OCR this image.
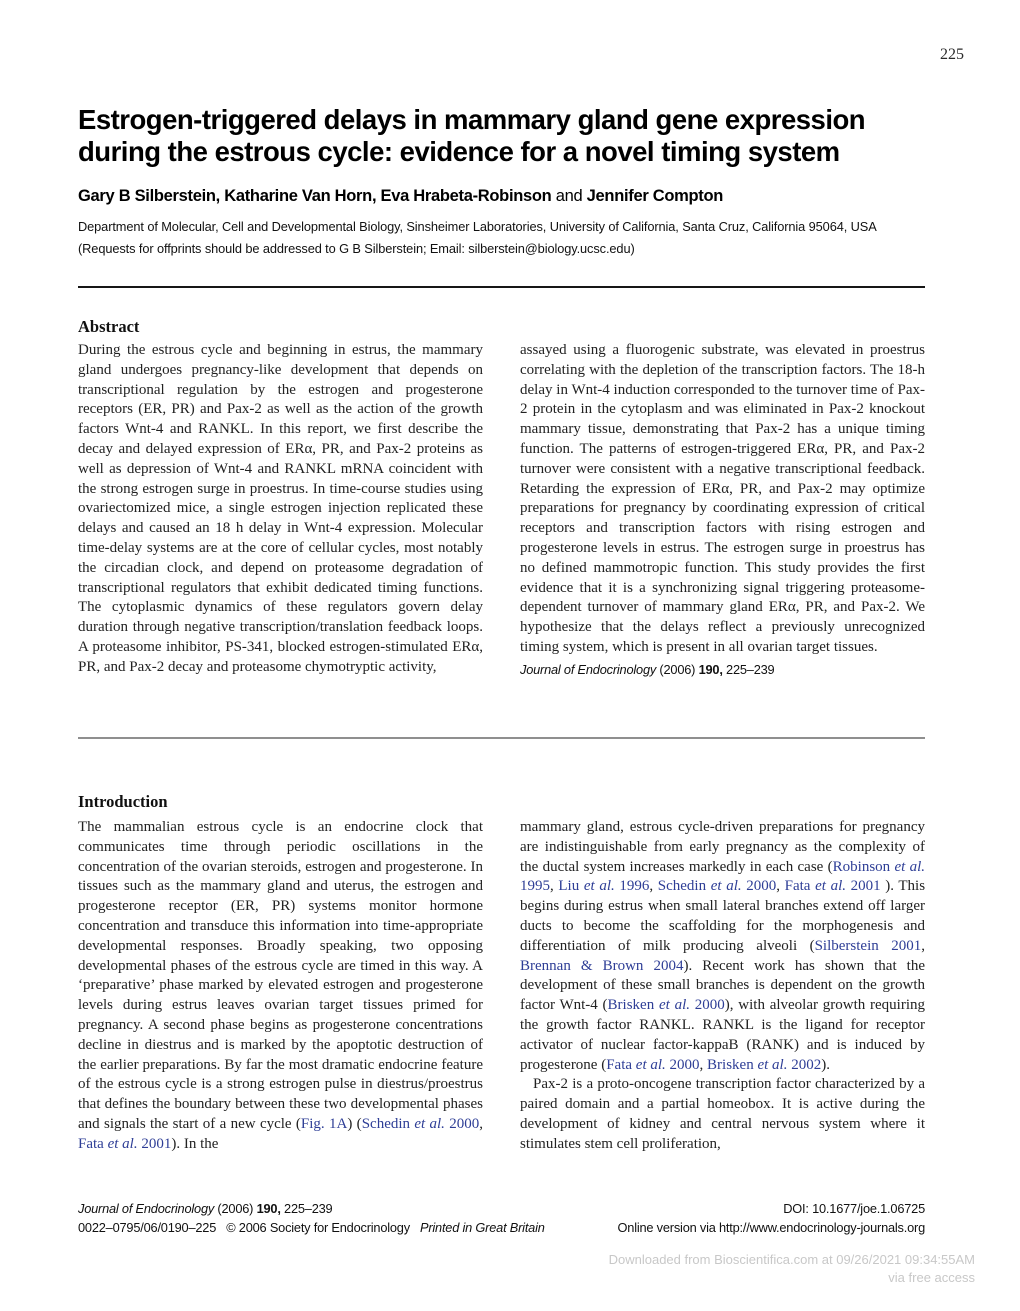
225
Estrogen-triggered delays in mammary gland gene expression during the estrous cycle: evidence for a novel timing system
Gary B Silberstein, Katharine Van Horn, Eva Hrabeta-Robinson and Jennifer Compton
Department of Molecular, Cell and Developmental Biology, Sinsheimer Laboratories, University of California, Santa Cruz, California 95064, USA
(Requests for offprints should be addressed to G B Silberstein; Email: silberstein@biology.ucsc.edu)
Abstract

During the estrous cycle and beginning in estrus, the mammary gland undergoes pregnancy-like development that depends on transcriptional regulation by the estrogen and progesterone receptors (ER, PR) and Pax-2 as well as the action of the growth factors Wnt-4 and RANKL. In this report, we first describe the decay and delayed expression of ERα, PR, and Pax-2 proteins as well as depression of Wnt-4 and RANKL mRNA coincident with the strong estrogen surge in proestrus. In time-course studies using ovariectomized mice, a single estrogen injection replicated these delays and caused an 18 h delay in Wnt-4 expression. Molecular time-delay systems are at the core of cellular cycles, most notably the circadian clock, and depend on proteasome degradation of transcriptional regulators that exhibit dedicated timing functions. The cytoplasmic dynamics of these regulators govern delay duration through negative transcription/translation feedback loops. A proteasome inhibitor, PS-341, blocked estrogen-stimulated ERα, PR, and Pax-2 decay and proteasome chymotryptic activity,

assayed using a fluorogenic substrate, was elevated in proestrus correlating with the depletion of the transcription factors. The 18-h delay in Wnt-4 induction corresponded to the turnover time of Pax-2 protein in the cytoplasm and was eliminated in Pax-2 knockout mammary tissue, demonstrating that Pax-2 has a unique timing function. The patterns of estrogen-triggered ERα, PR, and Pax-2 turnover were consistent with a negative transcriptional feedback. Retarding the expression of ERα, PR, and Pax-2 may optimize preparations for pregnancy by coordinating expression of critical receptors and transcription factors with rising estrogen and progesterone levels in estrus. The estrogen surge in proestrus has no defined mammotropic function. This study provides the first evidence that it is a synchronizing signal triggering proteasome-dependent turnover of mammary gland ERα, PR, and Pax-2. We hypothesize that the delays reflect a previously unrecognized timing system, which is present in all ovarian target tissues.

Journal of Endocrinology (2006) 190, 225–239
Introduction

The mammalian estrous cycle is an endocrine clock that communicates time through periodic oscillations in the concentration of the ovarian steroids, estrogen and progesterone. In tissues such as the mammary gland and uterus, the estrogen and progesterone receptor (ER, PR) systems monitor hormone concentration and transduce this information into time-appropriate developmental responses. Broadly speaking, two opposing developmental phases of the estrous cycle are timed in this way. A ‘preparative’ phase marked by elevated estrogen and progesterone levels during estrus leaves ovarian target tissues primed for pregnancy. A second phase begins as progesterone concentrations decline in diestrus and is marked by the apoptotic destruction of the earlier preparations. By far the most dramatic endocrine feature of the estrous cycle is a strong estrogen pulse in diestrus/proestrus that defines the boundary between these two developmental phases and signals the start of a new cycle (Fig. 1A) (Schedin et al. 2000, Fata et al. 2001). In the

mammary gland, estrous cycle-driven preparations for pregnancy are indistinguishable from early pregnancy as the complexity of the ductal system increases markedly in each case (Robinson et al. 1995, Liu et al. 1996, Schedin et al. 2000, Fata et al. 2001 ). This begins during estrus when small lateral branches extend off larger ducts to become the scaffolding for the morphogenesis and differentiation of milk producing alveoli (Silberstein 2001, Brennan & Brown 2004). Recent work has shown that the development of these small branches is dependent on the growth factor Wnt-4 (Brisken et al. 2000), with alveolar growth requiring the growth factor RANKL. RANKL is the ligand for receptor activator of nuclear factor-kappaB (RANK) and is induced by progesterone (Fata et al. 2000, Brisken et al. 2002).

Pax-2 is a proto-oncogene transcription factor characterized by a paired domain and a partial homeobox. It is active during the development of kidney and central nervous system where it stimulates stem cell proliferation,

Journal of Endocrinology (2006) 190, 225–239	DOI: 10.1677/joe.1.06725
0022–0795/06/0190–225   © 2006 Society for Endocrinology   Printed in Great Britain	Online version via http://www.endocrinology-journals.org
Downloaded from Bioscientifica.com at 09/26/2021 09:34:55AM
via free access
